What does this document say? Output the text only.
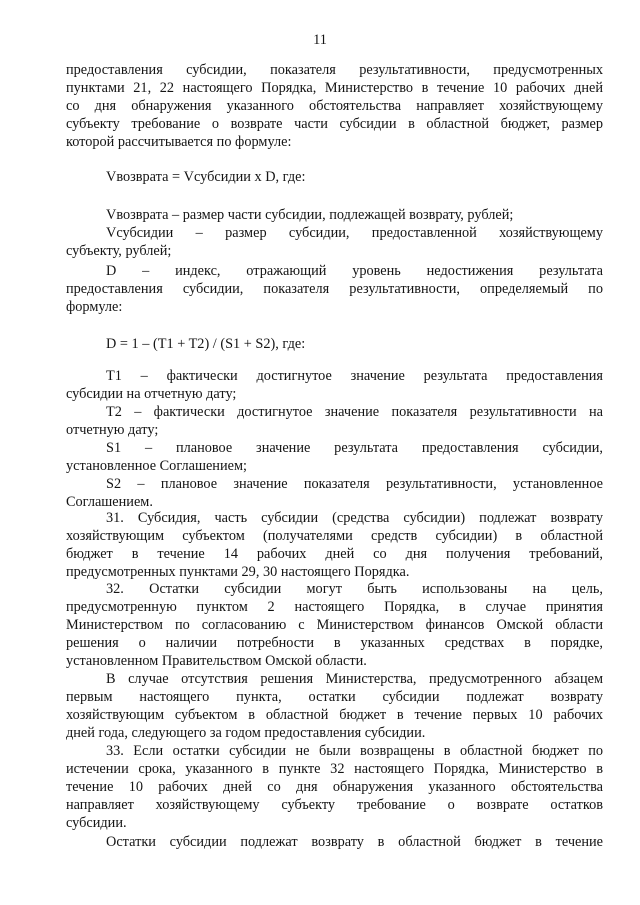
11
предоставления субсидии, показателя результативности, предусмотренных
пунктами 21, 22 настоящего Порядка, Министерство в течение 10 рабочих дней
со дня обнаружения указанного обстоятельства направляет хозяйствующему
субъекту требование о возврате части субсидии в областной бюджет, размер
которой рассчитывается по формуле:
Vвозврата = Vсубсидии x D, где:
Vвозврата – размер части субсидии, подлежащей возврату, рублей;
Vсубсидии – размер субсидии, предоставленной хозяйствующему
субъекту, рублей;
D – индекс, отражающий уровень недостижения результата
предоставления субсидии, показателя результативности, определяемый по
формуле:
D = 1 – (T1 + T2) / (S1 + S2), где:
T1 – фактически достигнутое значение результата предоставления
субсидии на отчетную дату;
T2 – фактически достигнутое значение показателя результативности на
отчетную дату;
S1 – плановое значение результата предоставления субсидии,
установленное Соглашением;
S2 – плановое значение показателя результативности, установленное
Соглашением.
31. Субсидия, часть субсидии (средства субсидии) подлежат возврату
хозяйствующим субъектом (получателями средств субсидии) в областной
бюджет в течение 14 рабочих дней со дня получения требований,
предусмотренных пунктами 29, 30 настоящего Порядка.
32. Остатки субсидии могут быть использованы на цель,
предусмотренную пунктом 2 настоящего Порядка, в случае принятия
Министерством по согласованию с Министерством финансов Омской области
решения о наличии потребности в указанных средствах в порядке,
установленном Правительством Омской области.
В случае отсутствия решения Министерства, предусмотренного абзацем
первым настоящего пункта, остатки субсидии подлежат возврату
хозяйствующим субъектом в областной бюджет в течение первых 10 рабочих
дней года, следующего за годом предоставления субсидии.
33. Если остатки субсидии не были возвращены в областной бюджет по
истечении срока, указанного в пункте 32 настоящего Порядка, Министерство в
течение 10 рабочих дней со дня обнаружения указанного обстоятельства
направляет хозяйствующему субъекту требование о возврате остатков
субсидии.
Остатки субсидии подлежат возврату в областной бюджет в течение
